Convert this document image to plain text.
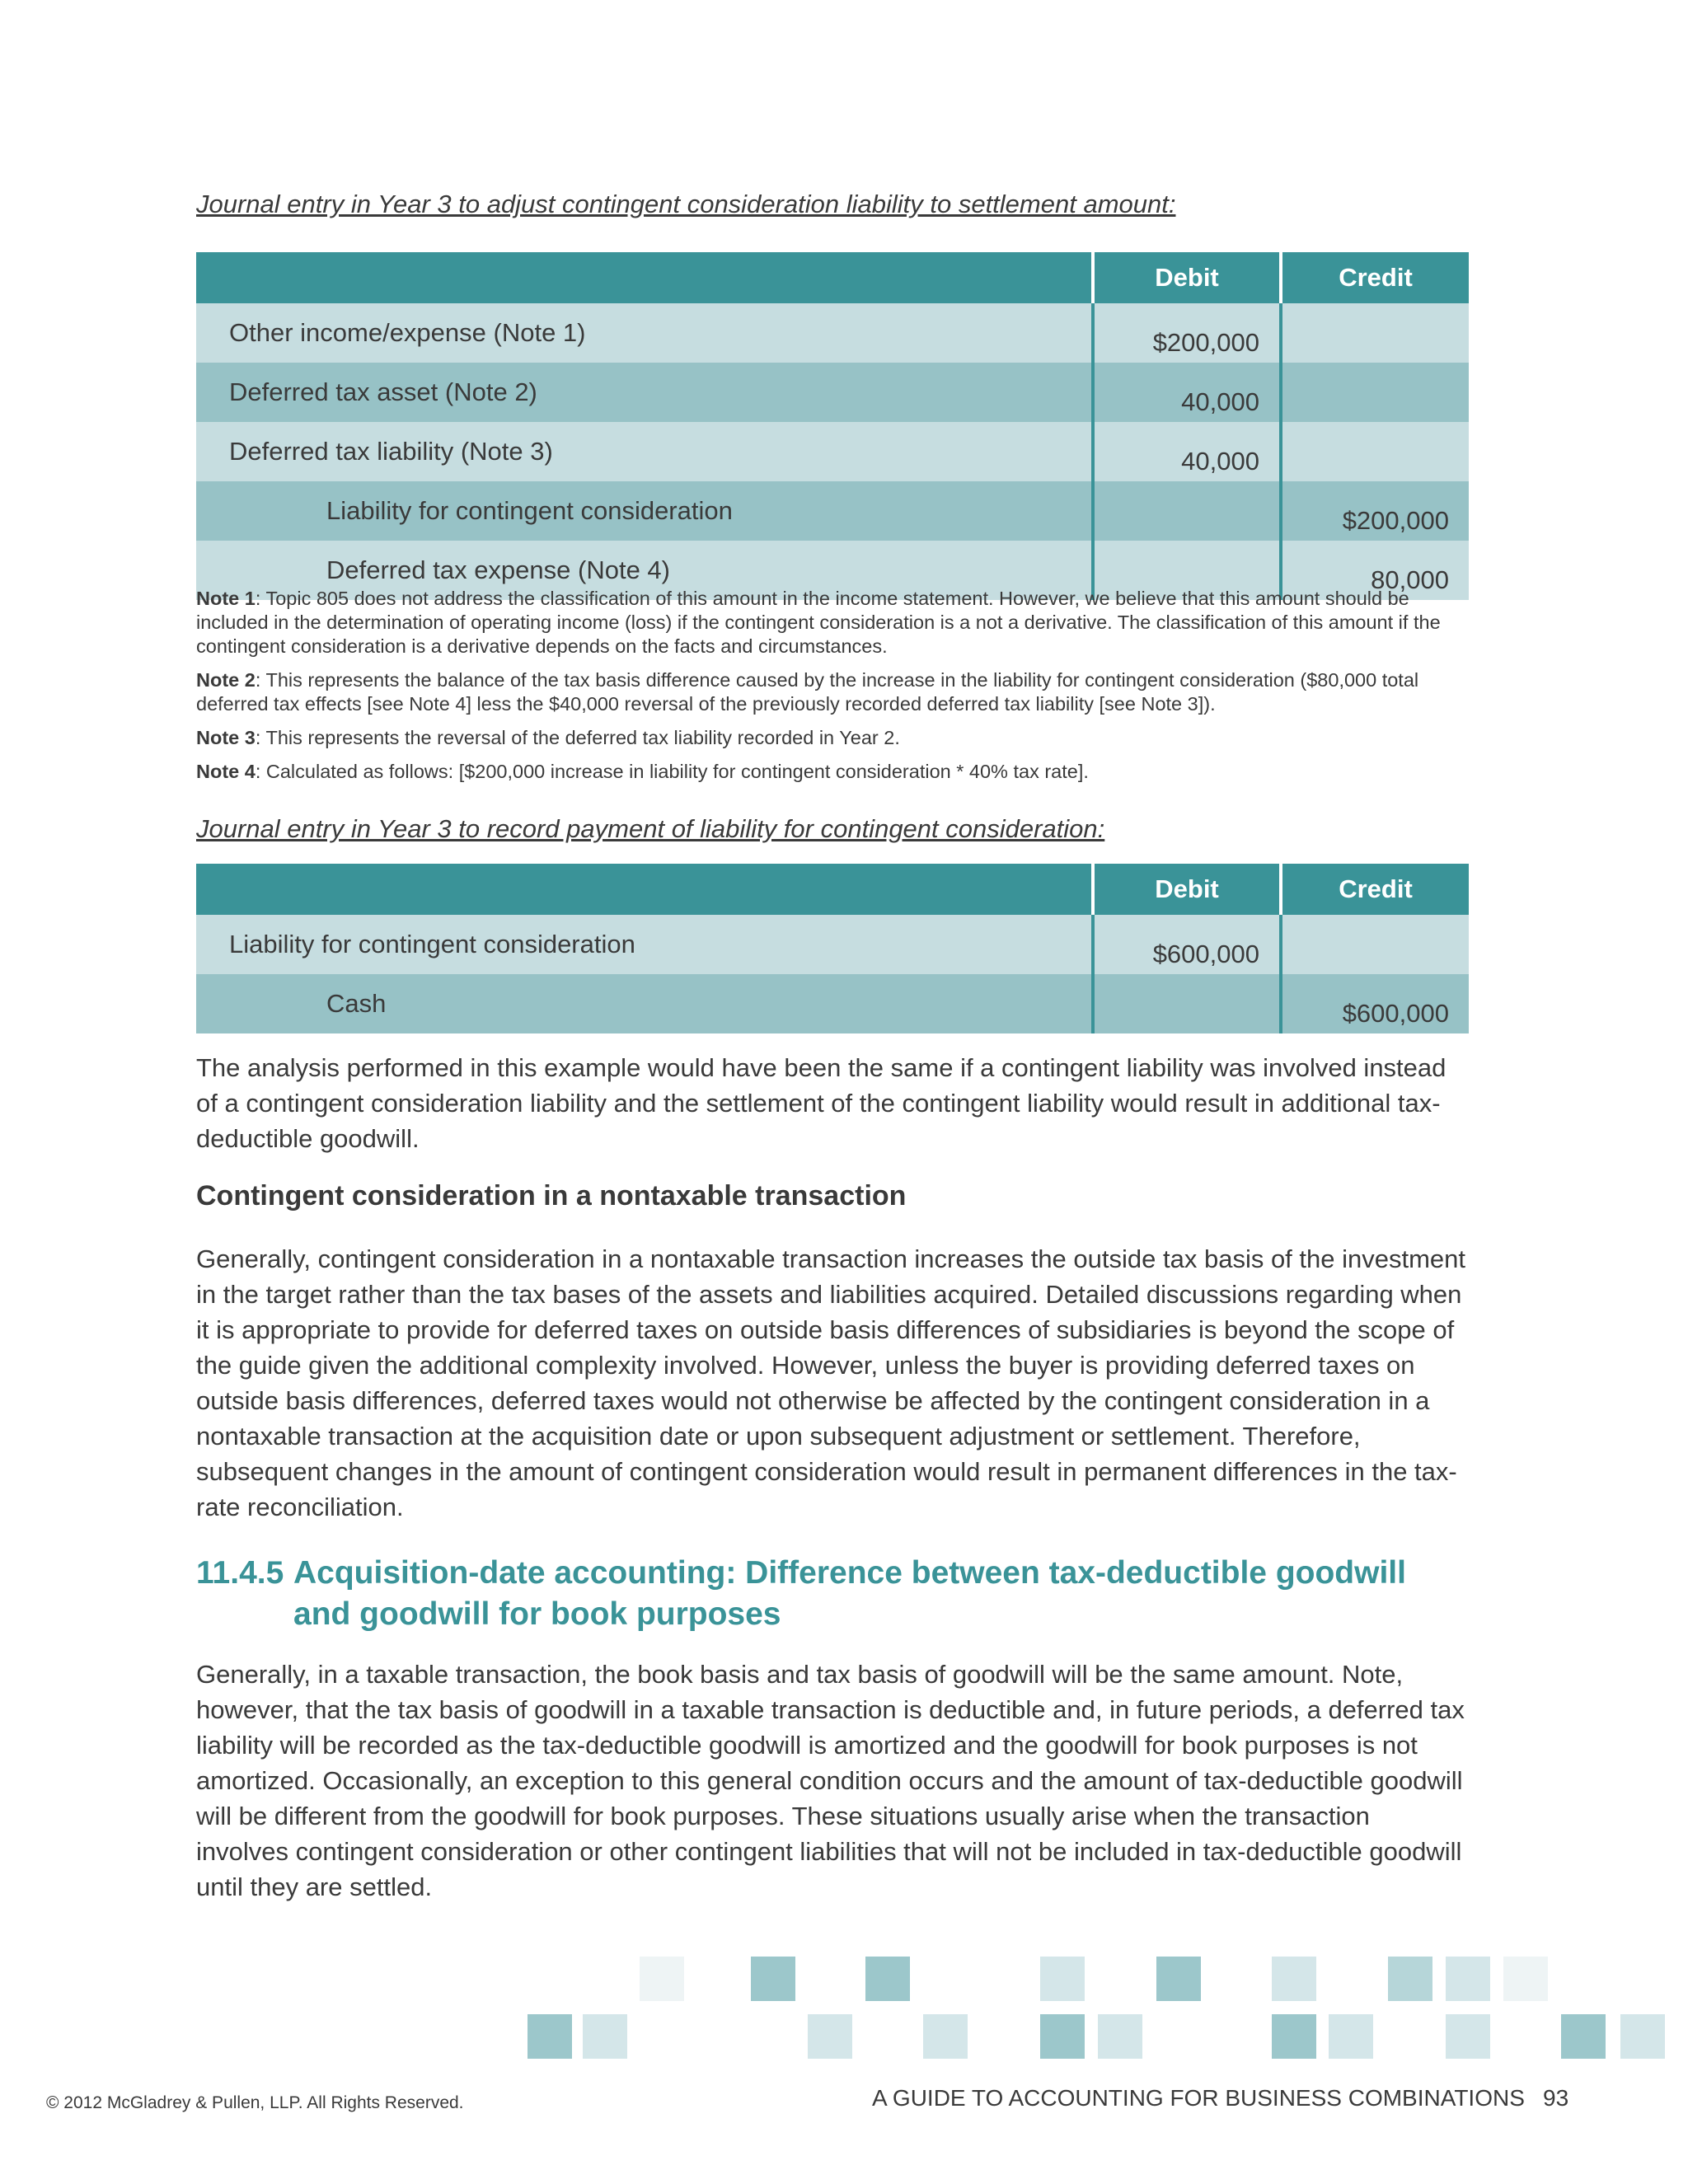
Journal entry in Year 3 to adjust contingent consideration liability to settlement amount:

	Debit	Credit
Other income/expense (Note 1)	$200,000	
Deferred tax asset (Note 2)	40,000	
Deferred tax liability (Note 3)	40,000	
Liability for contingent consideration		$200,000
Deferred tax expense (Note 4)		80,000

Note 1: Topic 805 does not address the classification of this amount in the income statement. However, we believe that this amount should be included in the determination of operating income (loss) if the contingent consideration is a not a derivative. The classification of this amount if the contingent consideration is a derivative depends on the facts and circumstances.

Note 2: This represents the balance of the tax basis difference caused by the increase in the liability for contingent consideration ($80,000 total deferred tax effects [see Note 4] less the $40,000 reversal of the previously recorded deferred tax liability [see Note 3]).

Note 3: This represents the reversal of the deferred tax liability recorded in Year 2.

Note 4: Calculated as follows: [$200,000 increase in liability for contingent consideration * 40% tax rate].

Journal entry in Year 3 to record payment of liability for contingent consideration:

	Debit	Credit
Liability for contingent consideration	$600,000	
Cash		$600,000

The analysis performed in this example would have been the same if a contingent liability was involved instead of a contingent consideration liability and the settlement of the contingent liability would result in additional tax-deductible goodwill.

Contingent consideration in a nontaxable transaction

Generally, contingent consideration in a nontaxable transaction increases the outside tax basis of the investment in the target rather than the tax bases of the assets and liabilities acquired. Detailed discussions regarding when it is appropriate to provide for deferred taxes on outside basis differences of subsidiaries is beyond the scope of the guide given the additional complexity involved. However, unless the buyer is providing deferred taxes on outside basis differences, deferred taxes would not otherwise be affected by the contingent consideration in a nontaxable transaction at the acquisition date or upon subsequent adjustment or settlement. Therefore, subsequent changes in the amount of contingent consideration would result in permanent differences in the tax-rate reconciliation.

11.4.5 Acquisition-date accounting: Difference between tax-deductible goodwill and goodwill for book purposes

Generally, in a taxable transaction, the book basis and tax basis of goodwill will be the same amount. Note, however, that the tax basis of goodwill in a taxable transaction is deductible and, in future periods, a deferred tax liability will be recorded as the tax-deductible goodwill is amortized and the goodwill for book purposes is not amortized. Occasionally, an exception to this general condition occurs and the amount of tax-deductible goodwill will be different from the goodwill for book purposes. These situations usually arise when the transaction involves contingent consideration or other contingent liabilities that will not be included in tax-deductible goodwill until they are settled.

© 2012 McGladrey & Pullen, LLP. All Rights Reserved.	A GUIDE TO ACCOUNTING FOR BUSINESS COMBINATIONS 93
